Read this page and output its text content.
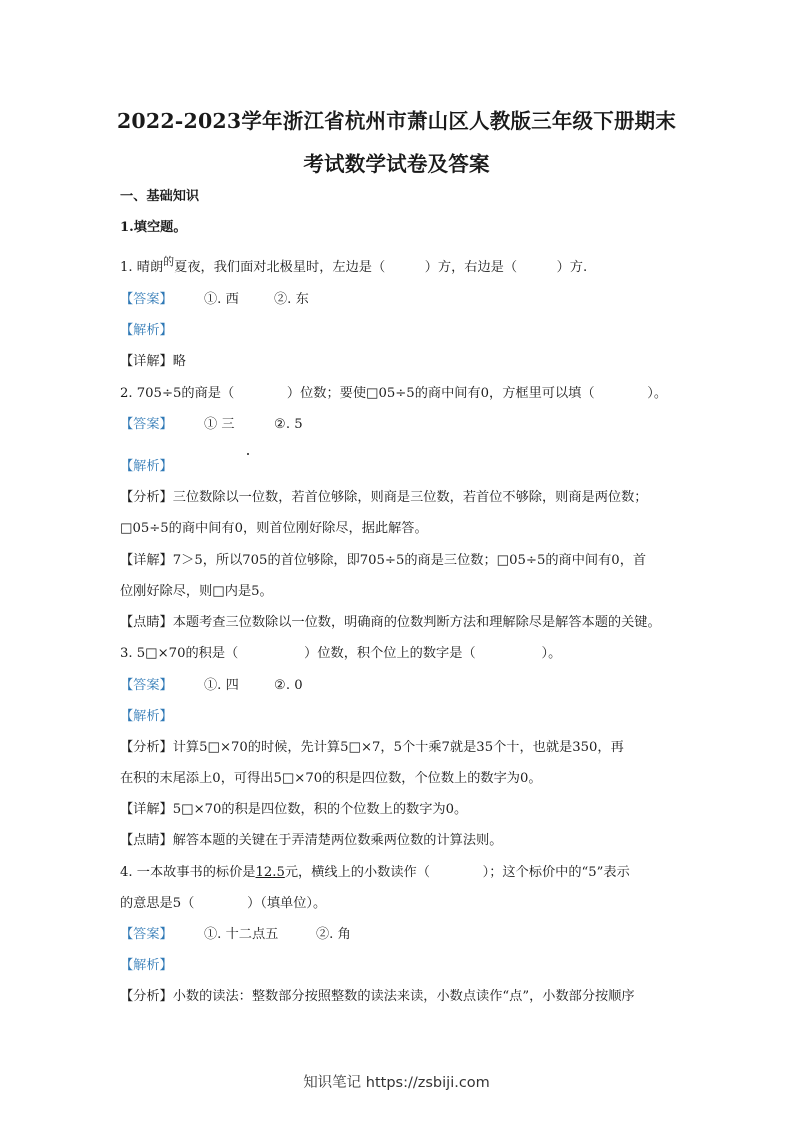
2022-2023学年浙江省杭州市萧山区人教版三年级下册期末
考试数学试卷及答案
一、基础知识
1.填空题。
1. 晴朗$^的$夏夜，我们面对北极星时，左边是（　　　）方，右边是（　　　）方.
【答案】 ①. 西	②. 东
【解析】
【详解】略
2. 705÷5的商是（　　　　）位数；要使□05÷5的商中间有0，方框里可以填（　　　　）。
【答案】 ① 三	②. 5
【解析】
【分析】三位数除以一位数，若首位够除，则商是三位数，若首位不够除，则商是两位数；
□05÷5的商中间有0，则首位刚好除尽，据此解答。
【详解】7＞5，所以705的首位够除，即705÷5的商是三位数；□05÷5的商中间有0，首
位刚好除尽，则□内是5。
【点睛】本题考查三位数除以一位数，明确商的位数判断方法和理解除尽是解答本题的关键。
3. 5□×70的积是（　　　　　）位数，积个位上的数字是（　　　　　）。
【答案】 ①. 四	②. 0
【解析】
【分析】计算5□×70的时候，先计算5□×7，5个十乘7就是35个十，也就是350，再
在积的末尾添上0，可得出5□×70的积是四位数，个位数上的数字为0。
【详解】5□×70的积是四位数，积的个位数上的数字为0。
【点睛】解答本题的关键在于弄清楚两位数乘两位数的计算法则。
4. 一本故事书的标价是12.5元，横线上的小数读作（　　　　）；这个标价中的“5”表示
的意思是5（　　　　）（填单位）。
【答案】 ①. 十二点五	②. 角
【解析】
【分析】小数的读法：整数部分按照整数的读法来读，小数点读作“点”，小数部分按顺序
知识笔记 https://zsbiji.com
